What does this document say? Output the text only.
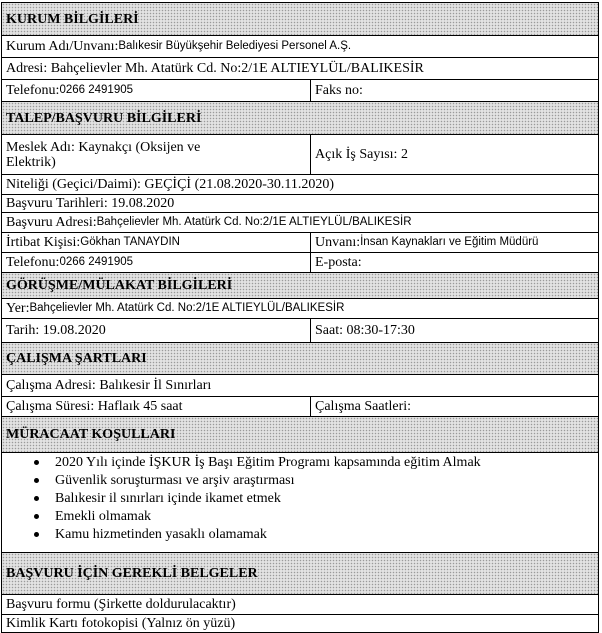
KURUM BİLGİLERİ
Kurum Adı/Unvanı: Balıkesir Büyükşehir Belediyesi Personel A.Ş.
Adresi: Bahçelievler Mh. Atatürk Cd. No:2/1E ALTIEYLÜL/BALIKESİR
Telefonu: 0266 2491905	Faks no:
TALEP/BAŞVURU BİLGİLERİ
Meslek Adı: Kaynakçı (Oksijen ve
Elektrik)	Açık İş Sayısı: 2
Niteliği (Geçici/Daimi): GEÇİÇİ (21.08.2020-30.11.2020)
Başvuru Tarihleri: 19.08.2020
Başvuru Adresi: Bahçelievler Mh. Atatürk Cd. No:2/1E ALTIEYLÜL/BALIKESİR
İrtibat Kişisi: Gökhan TANAYDIN	Unvanı: İnsan Kaynakları ve Eğitim Müdürü
Telefonu: 0266 2491905	E-posta:
GÖRÜŞME/MÜLAKAT BİLGİLERİ
Yer: Bahçelievler Mh. Atatürk Cd. No:2/1E ALTIEYLÜL/BALIKESİR
Tarih: 19.08.2020	Saat: 08:30-17:30
ÇALIŞMA ŞARTLARI
Çalışma Adresi: Balıkesir İl Sınırları
Çalışma Süresi: Haflaık 45 saat	Çalışma Saatleri:
MÜRACAAT KOŞULLARI
2020 Yılı içinde İŞKUR İş Başı Eğitim Programı kapsamında eğitim Almak
Güvenlik soruşturması ve arşiv araştırması
Balıkesir il sınırları içinde ikamet etmek
Emekli olmamak
Kamu hizmetinden yasaklı olamamak
BAŞVURU İÇİN GEREKLİ BELGELER
Başvuru formu (Şirkette doldurulacaktır)
Kimlik Kartı fotokopisi (Yalnız ön yüzü)
